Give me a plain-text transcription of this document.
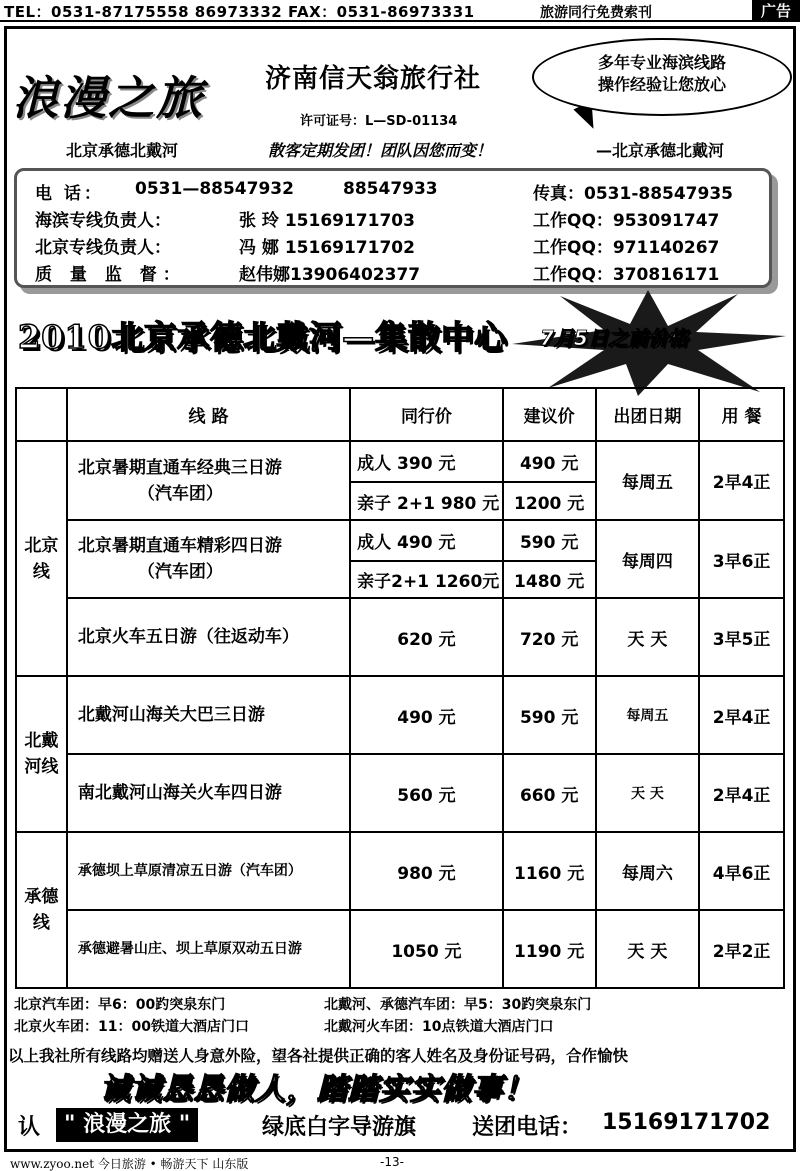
TEL：0531-87175558 86973332 FAX：0531-86973331	旅游同行免费索刊	广告
浪漫之旅 济南信天翁旅行社
许可证号：L—SD-01134
多年专业海滨线路
操作经验让您放心
北京承德北戴河	散客定期发团！团队因您而变！	—北京承德北戴河
电 话： 0531—88547932	88547933	传真：0531-88547935
海滨专线负责人：	张 玲 15169171703	工作QQ：953091747
北京专线负责人：	冯 娜 15169171702	工作QQ：971140267
质 量 监 督：	赵伟娜13906402377	工作QQ：370816171
2010北京承德北戴河—集散中心 7月5日之前价格
	线 路	同行价	建议价	出团日期	用 餐
北京线	北京暑期直通车经典三日游
（汽车团）	成人 390 元	490 元	每周五	2早4正
		亲子 2+1 980 元	1200 元		

	北京暑期直通车精彩四日游
（汽车团）	成人 490 元	590 元	每周四	3早6正
		亲子2+1 1260元	1480 元		
	北京火车五日游（往返动车）	620 元	720 元	天 天	3早5正

北戴河线	北戴河山海关大巴三日游	490 元	590 元	每周五	2早4正
	南北戴河山海关火车四日游	560 元	660 元	天 天	2早4正
承德线	承德坝上草原清凉五日游（汽车团）	980 元	1160 元	每周六	4早6正
	承德避暑山庄、坝上草原双动五日游	1050 元	1190 元	天 天	2早2正
北京汽车团：早6：00趵突泉东门	北戴河、承德汽车团：早5：30趵突泉东门
北京火车团：11：00铁道大酒店门口	北戴河火车团：10点铁道大酒店门口
以上我社所有线路均赠送人身意外险，望各社提供正确的客人姓名及身份证号码，合作愉快
诚诚恳恳做人，踏踏实实做事！
认	" 浪漫之旅 "	绿底白字导游旗	送团电话： 15169171702
www.zyoo.net 今日旅游 • 畅游天下 山东版	-13-
